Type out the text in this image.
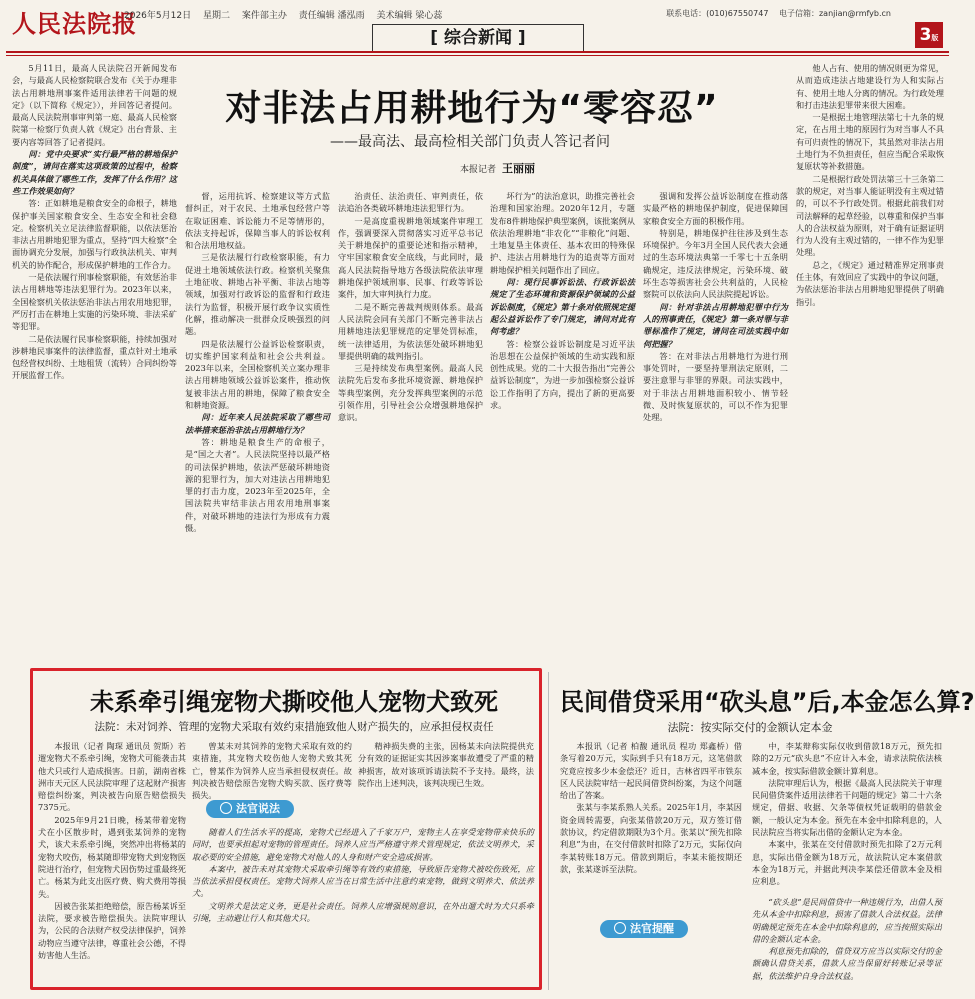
人民法院报
2026年5月12日 星期二 案件部主办 责任编辑 潘泓雨 美术编辑 梁心蕊	联系电话：(010)67550747 电子信箱：zanjian@rmfyb.cn
[ 综合新闻 ]	3版
对非法占用耕地行为“零容忍”
——最高法、最高检相关部门负责人答记者问
本报记者 王丽丽

5月11日，最高人民法院召开新闻发布会，与最高人民检察院联合发布《关于办理非法占用耕地刑事案件适用法律若干问题的规定》（以下简称《规定》），并回答记者提问。最高人民法院刑事审判第一庭、最高人民检察院第一检察厅负责人就《规定》出台背景、主要内容等回答了记者提问。

问：党中央要求“实行最严格的耕地保护制度”，请问在落实这项政策的过程中，检察机关具体做了哪些工作，发挥了什么作用？这些工作效果如何？

答：正如耕地是粮食安全的命根子，耕地保护事关国家粮食安全、生态安全和社会稳定。检察机关立足法律监督职能，以依法惩治非法占用耕地犯罪为重点，坚持“四大检察”全面协调充分发展，加强与行政执法机关、审判机关的协作配合，形成保护耕地的工作合力。

一是依法履行刑事检察职能，有效惩治非法占用耕地等违法犯罪行为。2023年以来，全国检察机关依法惩治非法占用农用地犯罪，严厉打击在耕地上实施的污染环境、非法采矿等犯罪。

二是依法履行民事检察职能，持续加强对涉耕地民事案件的法律监督，重点针对土地承包经营权纠纷、土地租赁（流转）合同纠纷等开展监督工作。

督，运用抗诉、检察建议等方式监督纠正，对于农民、土地承包经营户等在取证困难、诉讼能力不足等情形的，依法支持起诉，保障当事人的诉讼权利和合法用地权益。

三是依法履行行政检察职能，有力促进土地领域依法行政。检察机关聚焦土地征收、耕地占补平衡、非法占地等领域，加强对行政诉讼的监督和行政违法行为监督，积极开展行政争议实质性化解，推动解决一批群众反映强烈的问题。

四是依法履行公益诉讼检察职责，切实维护国家利益和社会公共利益。2023年以来，全国检察机关立案办理非法占用耕地领域公益诉讼案件，推动恢复被非法占用的耕地，保障了粮食安全和耕地资源。

问：近年来人民法院采取了哪些司法举措来惩治非法占用耕地行为？

答：耕地是粮食生产的命根子，是“国之大者”。人民法院坚持以最严格的司法保护耕地，依法严惩破坏耕地资源的犯罪行为，加大对违法占用耕地犯罪的打击力度，2023年至2025年，全国法院共审结非法占用农用地刑事案件，对破坏耕地的违法行为形成有力震慑。

治责任、法治责任、审判责任，依法追治各类破坏耕地违法犯罪行为。

一是高度重视耕地领域案件审理工作，强调要深入贯彻落实习近平总书记关于耕地保护的重要论述和指示精神，守牢国家粮食安全底线，与此同时，最高人民法院指导地方各级法院依法审理耕地保护领域刑事、民事、行政等诉讼案件，加大审判执行力度。

二是不断完善裁判规则体系。最高人民法院会同有关部门不断完善非法占用耕地违法犯罪规范的定罪处罚标准，统一法律适用，为依法惩处破坏耕地犯罪提供明确的裁判指引。

三是持续发布典型案例。最高人民法院先后发布多批环境资源、耕地保护等典型案例，充分发挥典型案例的示范引领作用，引导社会公众增强耕地保护意识。

坏行为”的法治意识，助推完善社会治理和国家治理。2020年12月，专题发布8件耕地保护典型案例，该批案例从依法治理耕地“非农化”“非粮化”问题、土地复垦主体责任、基本农田的特殊保护、违法占用耕地行为的追责等方面对耕地保护相关问题作出了回应。

问：现行民事诉讼法、行政诉讼法规定了生态环境和资源保护领域的公益诉讼制度，《规定》第十条对依照规定提起公益诉讼作了专门规定，请问对此有何考虑？

答：检察公益诉讼制度是习近平法治思想在公益保护领域的生动实践和原创性成果。党的二十大报告指出“完善公益诉讼制度”，为进一步加强检察公益诉讼工作指明了方向，提出了新的更高要求。

强调和发挥公益诉讼制度在推动落实最严格的耕地保护制度，促进保障国家粮食安全方面的积极作用。

特别是，耕地保护往往涉及到生态环境保护。今年3月全国人民代表大会通过的生态环境法典第一千零七十五条明确规定，违反法律规定，污染环境、破坏生态等损害社会公共利益的，人民检察院可以依法向人民法院提起诉讼。

问：针对非法占用耕地犯罪中行为人的刑事责任，《规定》第一条对罪与非罪标准作了规定，请问在司法实践中如何把握？

答：在对非法占用耕地行为进行刑事处罚时，一要坚持罪刑法定原则，二要注意罪与非罪的界限。司法实践中，对于非法占用耕地面积较小、情节轻微、及时恢复原状的，可以不作为犯罪处理。

他人占有、使用的情况则更为常见，从而造成违法占地建设行为人和实际占有、使用土地人分离的情况。为行政处理和打击违法犯罪带来很大困难。

一是根据土地管理法第七十九条的规定，在占用土地的原因行为对当事人不具有可归责性的情况下，其虽然对非法占用土地行为不负担责任，但应当配合采取恢复原状等补救措施。

二是根据行政处罚法第三十三条第二款的规定，对当事人能证明没有主观过错的，可以不予行政处罚。根据此前我们对司法解释的起草经验，以尊重和保护当事人的合法权益为原则，对于确有证据证明行为人没有主观过错的，一律不作为犯罪处理。

总之，《规定》通过精准界定刑事责任主体，有效回应了实践中的争议问题，为依法惩治非法占用耕地犯罪提供了明确指引。

未系牵引绳宠物犬撕咬他人宠物犬致死
法院：未对饲养、管理的宠物犬采取有效约束措施致他人财产损失的，应承担侵权责任

本报讯（记者 陶琛 通讯员 贺斯）若遛宠物犬不系牵引绳，宠物犬可能袭击其他犬只或行人造成损害。日前，湖南省株洲市天元区人民法院审理了这起财产损害赔偿纠纷案，判决被告向原告赔偿损失7375元。

2025年9月21日晚，杨某带着宠物犬在小区散步时，遇到张某饲养的宠物犬，该犬未系牵引绳，突然冲出将杨某的宠物犬咬伤，杨某随即带宠物犬到宠物医院进行治疗，但宠物犬因伤势过重最终死亡。杨某为此支出医疗费、购犬费用等损失。

因被告张某拒绝赔偿，原告杨某诉至法院，要求被告赔偿损失。法院审理认为，公民的合法财产权受法律保护，饲养动物应当遵守法律，尊重社会公德，不得妨害他人生活。

曾某未对其饲养的宠物犬采取有效的约束措施，其宠物犬咬伤他人宠物犬致其死亡，曾某作为饲养人应当承担侵权责任。故判决被告赔偿原告宠物犬购买款、医疗费等损失。

精神损失费的主张，因杨某未向法院提供充分有效的证据证实其因涉案事故遭受了严重的精神损害，故对该项诉请法院不予支持。最终，法院作出上述判决，该判决现已生效。

法官说法

随着人们生活水平的提高，宠物犬已经进入了千家万户，宠物主人在享受宠物带来快乐的同时，也要承担起对宠物的管理责任。饲养人应当严格遵守养犬管理规定，依法文明养犬，采取必要的安全措施，避免宠物犬对他人的人身和财产安全造成损害。

本案中，被告未对其宠物犬采取牵引绳等有效约束措施，导致原告宠物犬被咬伤致死，应当依法承担侵权责任。宠物犬饲养人应当在日常生活中注意约束宠物，做到文明养犬、依法养犬。

文明养犬是法定义务，更是社会责任。饲养人应增强规则意识，在外出遛犬时为犬只系牵引绳，主动避让行人和其他犬只。

民间借贷采用“砍头息”后,本金怎么算?
法院：按实际交付的金额认定本金

本报讯（记者 柏馥 通讯员 程功 郑鑫桥）借条写着20万元，实际到手只有18万元，这笔借款究竟应按多少本金偿还？近日，吉林省四平市铁东区人民法院审结一起民间借贷纠纷案，为这个问题给出了答案。

张某与李某系熟人关系。2025年1月，李某因资金周转需要，向张某借款20万元，双方签订借款协议，约定借款期限为3个月。张某以“预先扣除利息”为由，在交付借款时扣除了2万元，实际仅向李某转账18万元。借款到期后，李某未能按期还款，张某遂诉至法院。

中，李某辩称实际仅收到借款18万元，预先扣除的2万元“砍头息”不应计入本金，请求法院依法核减本金，按实际借款金额计算利息。

法院审理后认为，根据《最高人民法院关于审理民间借贷案件适用法律若干问题的规定》第二十六条规定，借据、收据、欠条等债权凭证载明的借款金额，一般认定为本金。预先在本金中扣除利息的，人民法院应当将实际出借的金额认定为本金。

本案中，张某在交付借款时预先扣除了2万元利息，实际出借金额为18万元，故法院认定本案借款本金为18万元，并据此判决李某偿还借款本金及相应利息。

法官提醒

“砍头息”是民间借贷中一种违规行为，出借人预先从本金中扣除利息，损害了借款人合法权益。法律明确规定预先在本金中扣除利息的，应当按照实际出借的金额认定本金。

利息预先扣除的，借贷双方应当以实际交付的金额确认借贷关系，借款人应当保留好转账记录等证据，依法维护自身合法权益。
